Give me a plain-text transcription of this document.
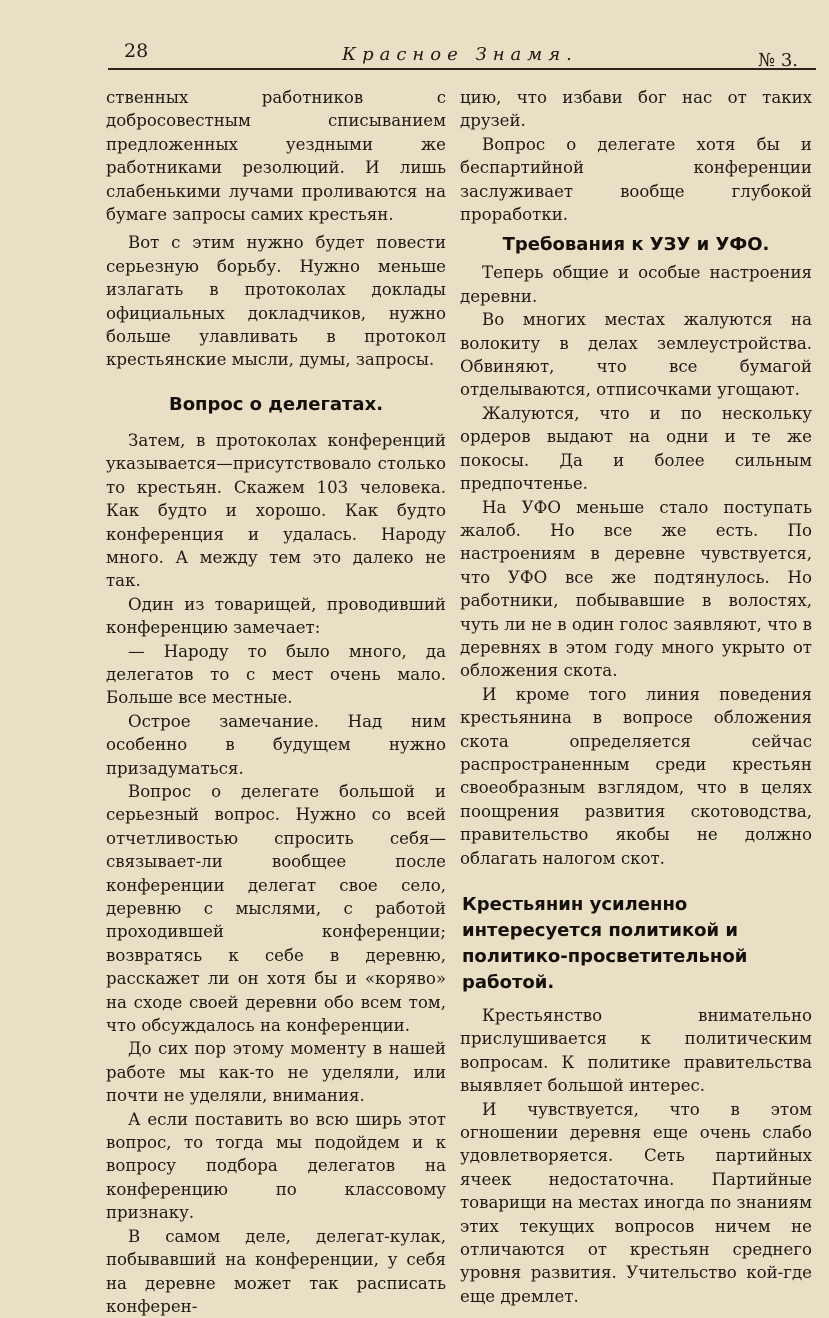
28	Красное Знамя.	№ 3.

ственных работников с добросовестным списыванием предложенных уездными же работниками резолюций. И лишь слабенькими лучами проливаются на бумаге запросы самих крестьян.

Вот с этим нужно будет повести серьезную борьбу. Нужно меньше излагать в протоколах доклады официальных докладчиков, нужно больше улавливать в протокол крестьянские мысли, думы, запросы.

Вопрос о делегатах.

Затем, в протоколах конференций указывается—присутствовало столько то крестьян. Скажем 103 человека. Как будто и хорошо. Как будто конференция и удалась. Народу много. А между тем это далеко не так.

Один из товарищей, проводивший конференцию замечает:

— Народу то было много, да делегатов то с мест очень мало. Больше все местные.

Острое замечание. Над ним особенно в будущем нужно призадуматься.

Вопрос о делегате большой и серьезный вопрос. Нужно со всей отчетливостью спросить себя—связывает-ли вообщее после конференции делегат свое село, деревню с мыслями, с работой проходившей конференции; возвратясь к себе в деревню, расскажет ли он хотя бы и «коряво» на сходе своей деревни обо всем том, что обсуждалось на конференции.

До сих пор этому моменту в нашей работе мы как-то не уделяли, или почти не уделяли, внимания.

А если поставить во всю ширь этот вопрос, то тогда мы подойдем и к вопросу подбора делегатов на конференцию по классовому признаку.

В самом деле, делегат-кулак, побывавший на конференции, у себя на деревне может так расписать конферен-

цию, что избави бог нас от таких друзей.

Вопрос о делегате хотя бы и беспартийной конференции заслуживает вообще глубокой проработки.

Требования к УЗУ и УФО.

Теперь общие и особые настроения деревни.

Во многих местах жалуются на волокиту в делах землеустройства. Обвиняют, что все бумагой отделываются, отписочками угощают.

Жалуются, что и по нескольку ордеров выдают на одни и те же покосы. Да и более сильным предпочтенье.

На УФО меньше стало поступать жалоб. Но все же есть. По настроениям в деревне чувствуется, что УФО все же подтянулось. Но работники, побывавшие в волостях, чуть ли не в один голос заявляют, что в деревнях в этом году много укрыто от обложения скота.

И кроме того линия поведения крестьянина в вопросе обложения скота определяется сейчас распространенным среди крестьян своеобразным взглядом, что в целях поощрения развития скотоводства, правительство якобы не должно облагать налогом скот.

Крестьянин усиленно интересуется политикой и политико-просветительной работой.

Крестьянство внимательно прислушивается к политическим вопросам. К политике правительства выявляет большой интерес.

И чувствуется, что в этом огношении деревня еще очень слабо удовлетворяется. Сеть партийных ячеек недостаточна. Партийные товарищи на местах иногда по знаниям этих текущих вопросов ничем не отличаются от крестьян среднего уровня развития. Учительство кой-где еще дремлет.
